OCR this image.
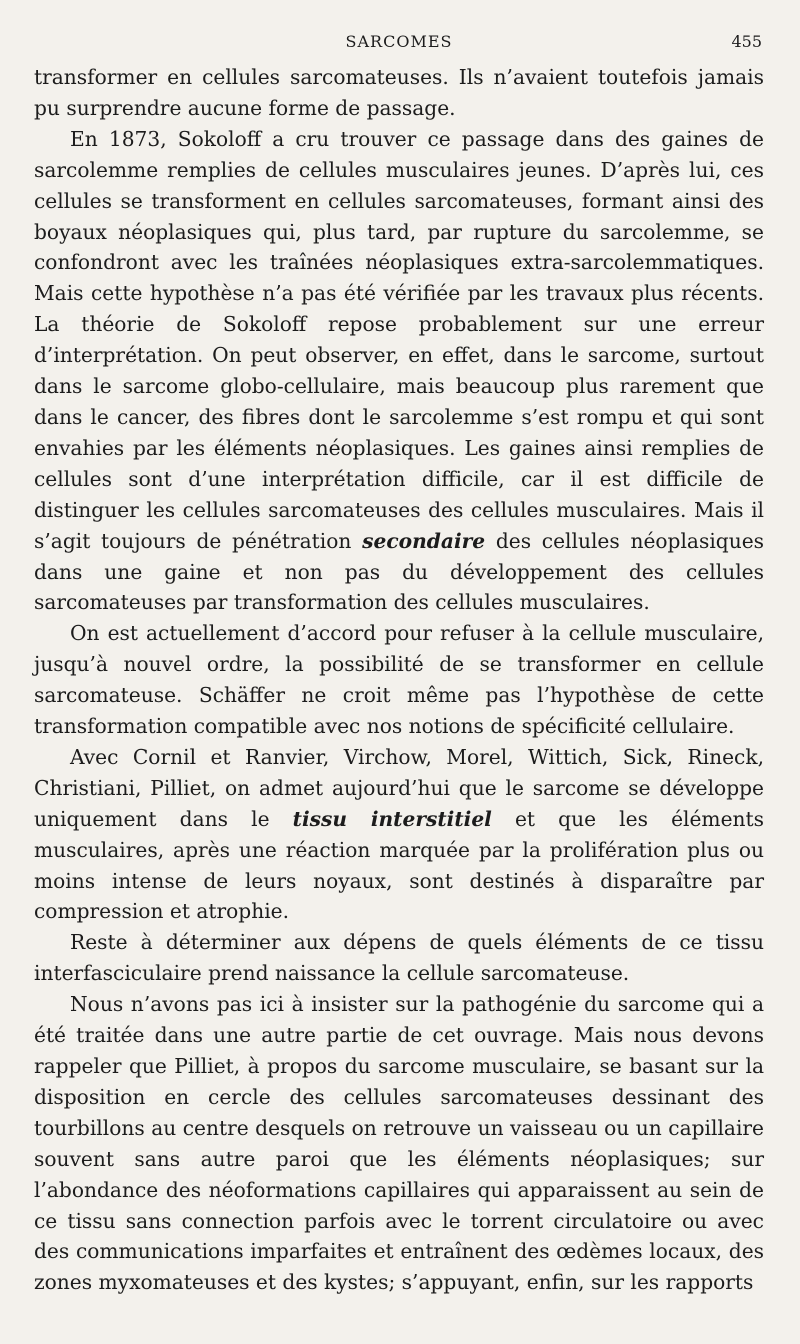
SARCOMES	455

transformer en cellules sarcomateuses. Ils n’avaient toutefois jamais pu surprendre aucune forme de passage.

En 1873, Sokoloff a cru trouver ce passage dans des gaines de sarcolemme remplies de cellules musculaires jeunes. D’après lui, ces cellules se transforment en cellules sarcomateuses, formant ainsi des boyaux néoplasiques qui, plus tard, par rupture du sarcolemme, se confondront avec les traînées néoplasiques extra-sarcolemmatiques. Mais cette hypothèse n’a pas été vérifiée par les travaux plus récents. La théorie de Sokoloff repose probablement sur une erreur d’interprétation. On peut observer, en effet, dans le sarcome, surtout dans le sarcome globo-cellulaire, mais beaucoup plus rarement que dans le cancer, des fibres dont le sarcolemme s’est rompu et qui sont envahies par les éléments néoplasiques. Les gaines ainsi remplies de cellules sont d’une interprétation difficile, car il est difficile de distinguer les cellules sarcomateuses des cellules musculaires. Mais il s’agit toujours de pénétration secondaire des cellules néoplasiques dans une gaine et non pas du développement des cellules sarcomateuses par transformation des cellules musculaires.

On est actuellement d’accord pour refuser à la cellule musculaire, jusqu’à nouvel ordre, la possibilité de se transformer en cellule sarcomateuse. Schäffer ne croit même pas l’hypothèse de cette transformation compatible avec nos notions de spécificité cellulaire.

Avec Cornil et Ranvier, Virchow, Morel, Wittich, Sick, Rineck, Christiani, Pilliet, on admet aujourd’hui que le sarcome se développe uniquement dans le tissu interstitiel et que les éléments musculaires, après une réaction marquée par la prolifération plus ou moins intense de leurs noyaux, sont destinés à disparaître par compression et atrophie.

Reste à déterminer aux dépens de quels éléments de ce tissu interfasciculaire prend naissance la cellule sarcomateuse.

Nous n’avons pas ici à insister sur la pathogénie du sarcome qui a été traitée dans une autre partie de cet ouvrage. Mais nous devons rappeler que Pilliet, à propos du sarcome musculaire, se basant sur la disposition en cercle des cellules sarcomateuses dessinant des tourbillons au centre desquels on retrouve un vaisseau ou un capillaire souvent sans autre paroi que les éléments néoplasiques; sur l’abondance des néoformations capillaires qui apparaissent au sein de ce tissu sans connection parfois avec le torrent circulatoire ou avec des communications imparfaites et entraînent des œdèmes locaux, des zones myxomateuses et des kystes; s’appuyant, enfin, sur les rapports
